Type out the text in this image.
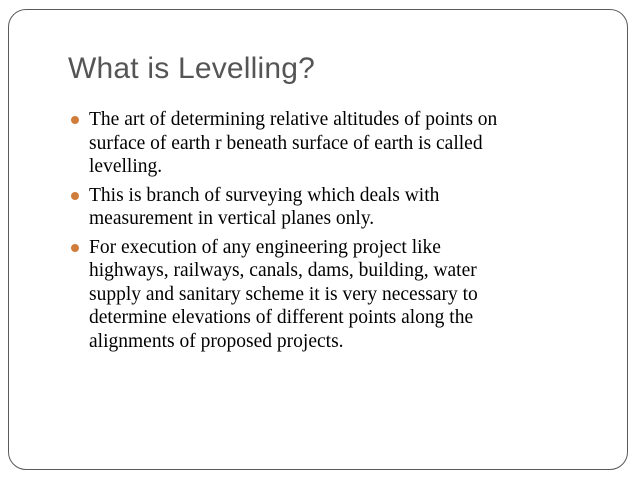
What is Levelling?
The art of determining relative altitudes of points on
surface of earth r beneath surface of earth is called
levelling.
This is branch of surveying which deals with
measurement in vertical planes only.
For execution of any engineering project like
highways, railways, canals, dams, building, water
supply and sanitary scheme it is very necessary to
determine elevations of different points along the
alignments of proposed projects.
